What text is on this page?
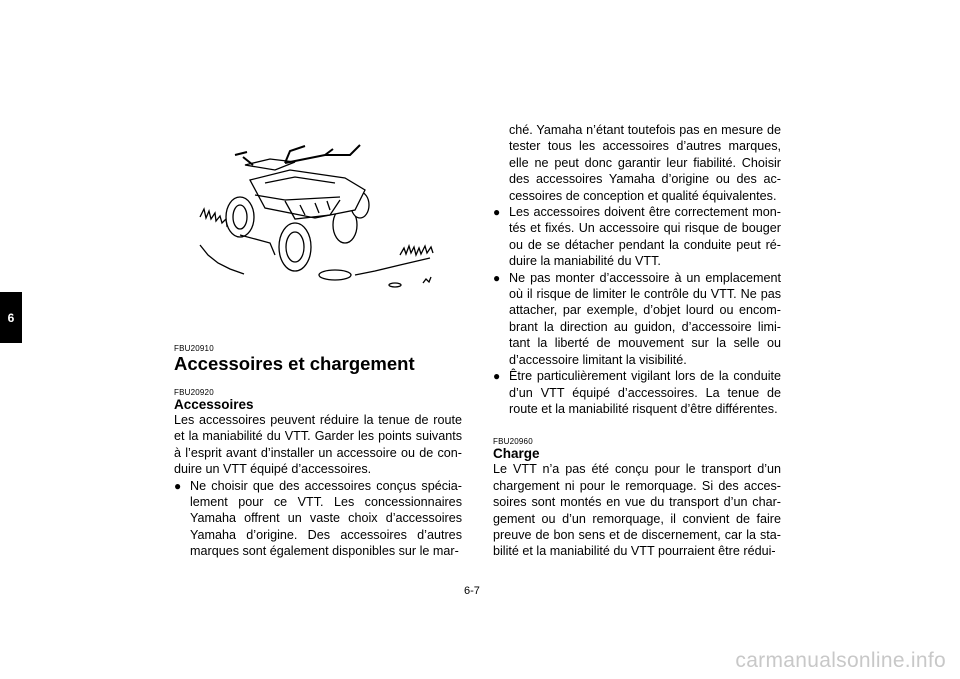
6
FBU20910
Accessoires et chargement
FBU20920
Accessoires

Les accessoires peuvent réduire la tenue de route et la maniabilité du VTT. Garder les points suivants à l’esprit avant d’installer un accessoire ou de con-duire un VTT équipé d’accessoires.

● Ne choisir que des accessoires conçus spécia-lement pour ce VTT. Les concessionnaires Yamaha offrent un vaste choix d’accessoires Yamaha d’origine. Des accessoires d’autres marques sont également disponibles sur le mar-
ché. Yamaha n’étant toutefois pas en mesure de tester tous les accessoires d’autres marques, elle ne peut donc garantir leur fiabilité. Choisir des accessoires Yamaha d’origine ou des ac-cessoires de conception et qualité équivalentes.
● Les accessoires doivent être correctement mon-tés et fixés. Un accessoire qui risque de bouger ou de se détacher pendant la conduite peut ré-duire la maniabilité du VTT.
● Ne pas monter d’accessoire à un emplacement où il risque de limiter le contrôle du VTT. Ne pas attacher, par exemple, d’objet lourd ou encom-brant la direction au guidon, d’accessoire limi-tant la liberté de mouvement sur la selle ou d’accessoire limitant la visibilité.
● Être particulièrement vigilant lors de la conduite d’un VTT équipé d’accessoires. La tenue de route et la maniabilité risquent d’être différentes.
FBU20960
Charge

Le VTT n’a pas été conçu pour le transport d’un chargement ni pour le remorquage. Si des acces-soires sont montés en vue du transport d’un char-gement ou d’un remorquage, il convient de faire preuve de bon sens et de discernement, car la sta-bilité et la maniabilité du VTT pourraient être rédui-

6-7
carmanualsonline.info
